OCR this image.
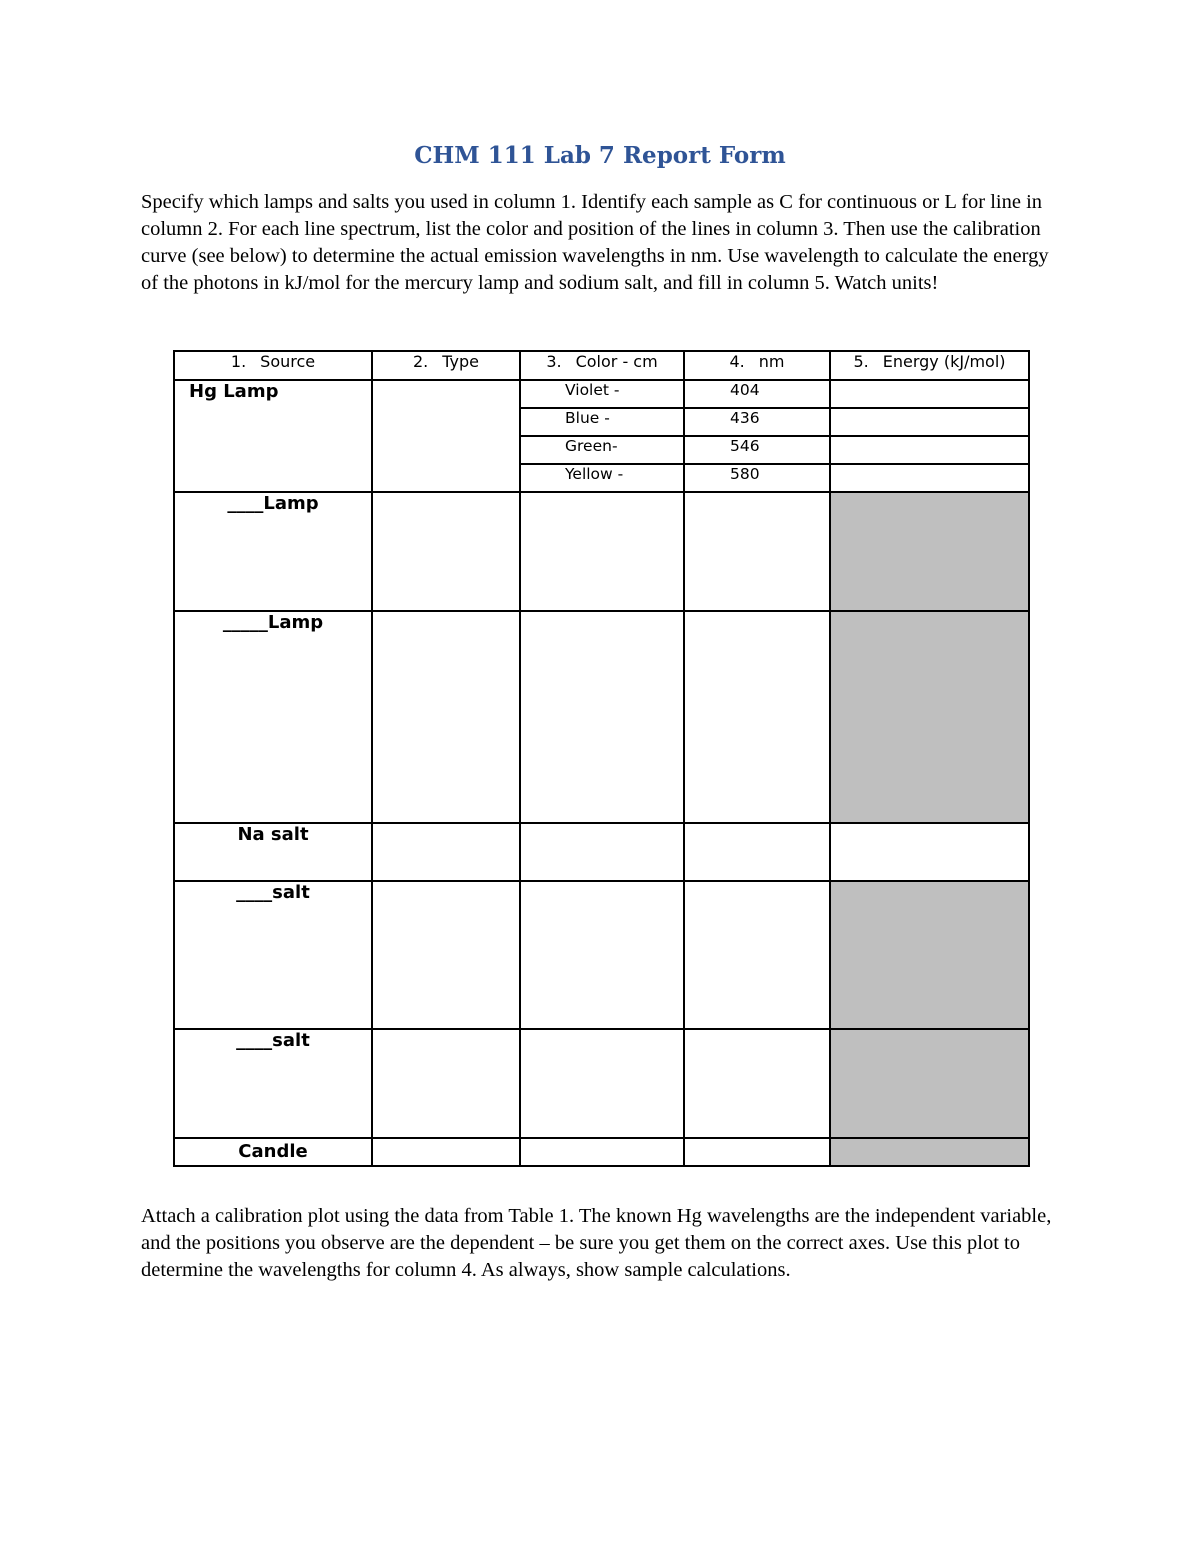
CHM 111 Lab 7 Report Form
Specify which lamps and salts you used in column 1. Identify each sample as C for continuous or L for line in column 2. For each line spectrum, list the color and position of the lines in column 3. Then use the calibration curve (see below) to determine the actual emission wavelengths in nm. Use wavelength to calculate the energy of the photons in kJ/mol for the mercury lamp and sodium salt, and fill in column 5. Watch units!
1. Source	2. Type	3. Color - cm	4. nm	5. Energy (kJ/mol)
Hg Lamp		Violet -	404	
		Blue -	436	
		Green-	546	
		Yellow -	580	
____Lamp				
_____Lamp				
Na salt				
____salt				
____salt				
Candle				
Attach a calibration plot using the data from Table 1. The known Hg wavelengths are the independent variable, and the positions you observe are the dependent – be sure you get them on the correct axes. Use this plot to determine the wavelengths for column 4. As always, show sample calculations.
